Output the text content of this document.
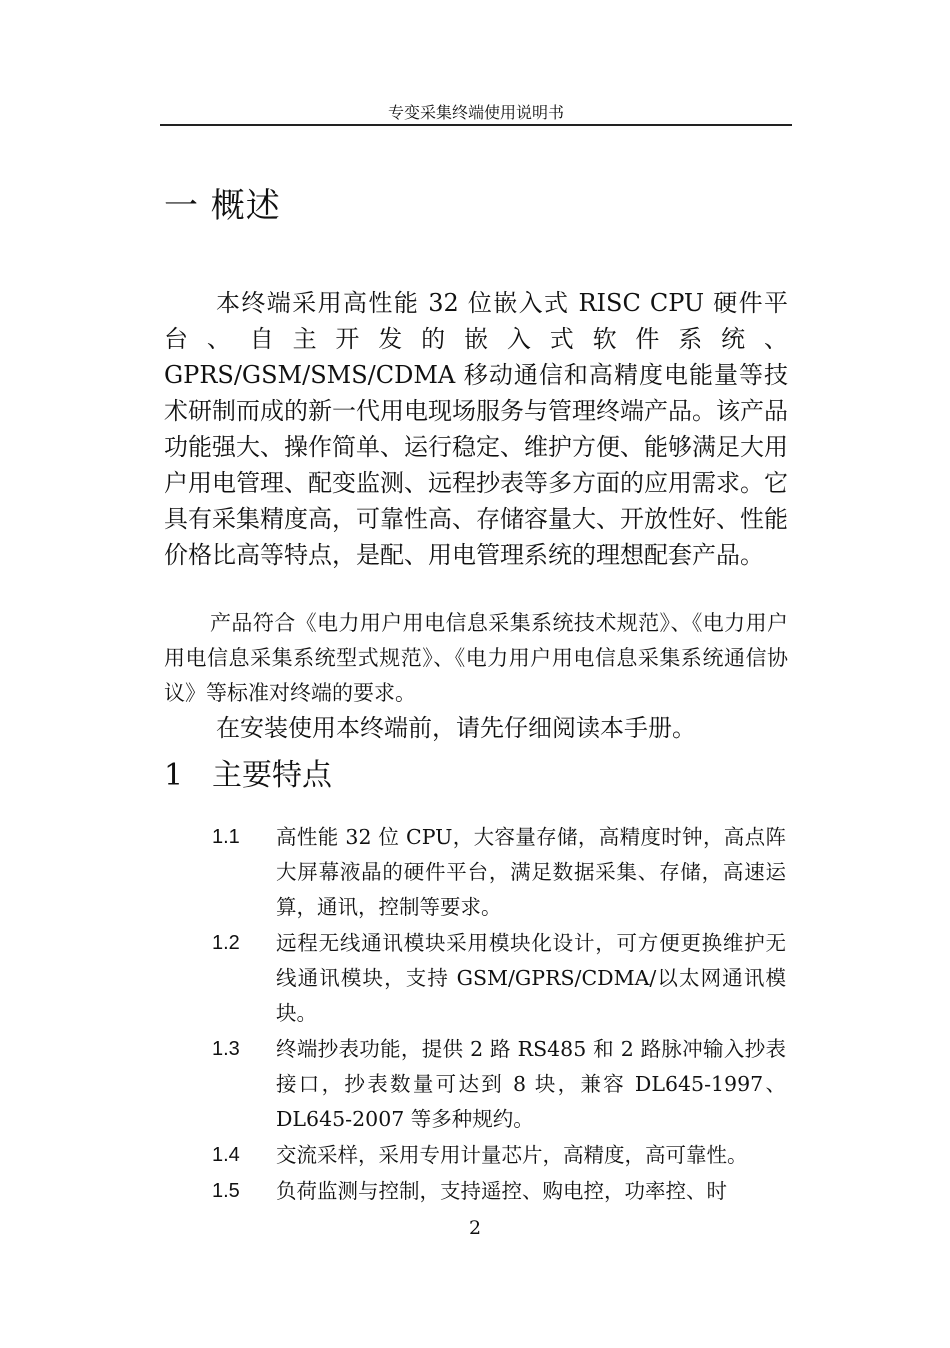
专变采集终端使用说明书
一 概述
本终端采用高性能 32 位嵌入式 RISC CPU 硬件平台、自主开发的嵌入式软件系统、GPRS/GSM/SMS/CDMA 移动通信和高精度电能量等技术研制而成的新一代用电现场服务与管理终端产品。该产品功能强大、操作简单、运行稳定、维护方便、能够满足大用户用电管理、配变监测、远程抄表等多方面的应用需求。它具有采集精度高，可靠性高、存储容量大、开放性好、性能价格比高等特点，是配、用电管理系统的理想配套产品。
产品符合《电力用户用电信息采集系统技术规范》、《电力用户用电信息采集系统型式规范》、《电力用户用电信息采集系统通信协议》等标准对终端的要求。
在安装使用本终端前，请先仔细阅读本手册。
1 主要特点
1.1	高性能 32 位 CPU，大容量存储，高精度时钟，高点阵大屏幕液晶的硬件平台，满足数据采集、存储，高速运算，通讯，控制等要求。
1.2	远程无线通讯模块采用模块化设计，可方便更换维护无线通讯模块，支持 GSM/GPRS/CDMA/以太网通讯模块。
1.3	终端抄表功能，提供 2 路 RS485 和 2 路脉冲输入抄表接口，抄表数量可达到 8 块，兼容 DL645-1997、DL645-2007 等多种规约。
1.4	交流采样，采用专用计量芯片，高精度，高可靠性。
1.5	负荷监测与控制，支持遥控、购电控，功率控、时
2
